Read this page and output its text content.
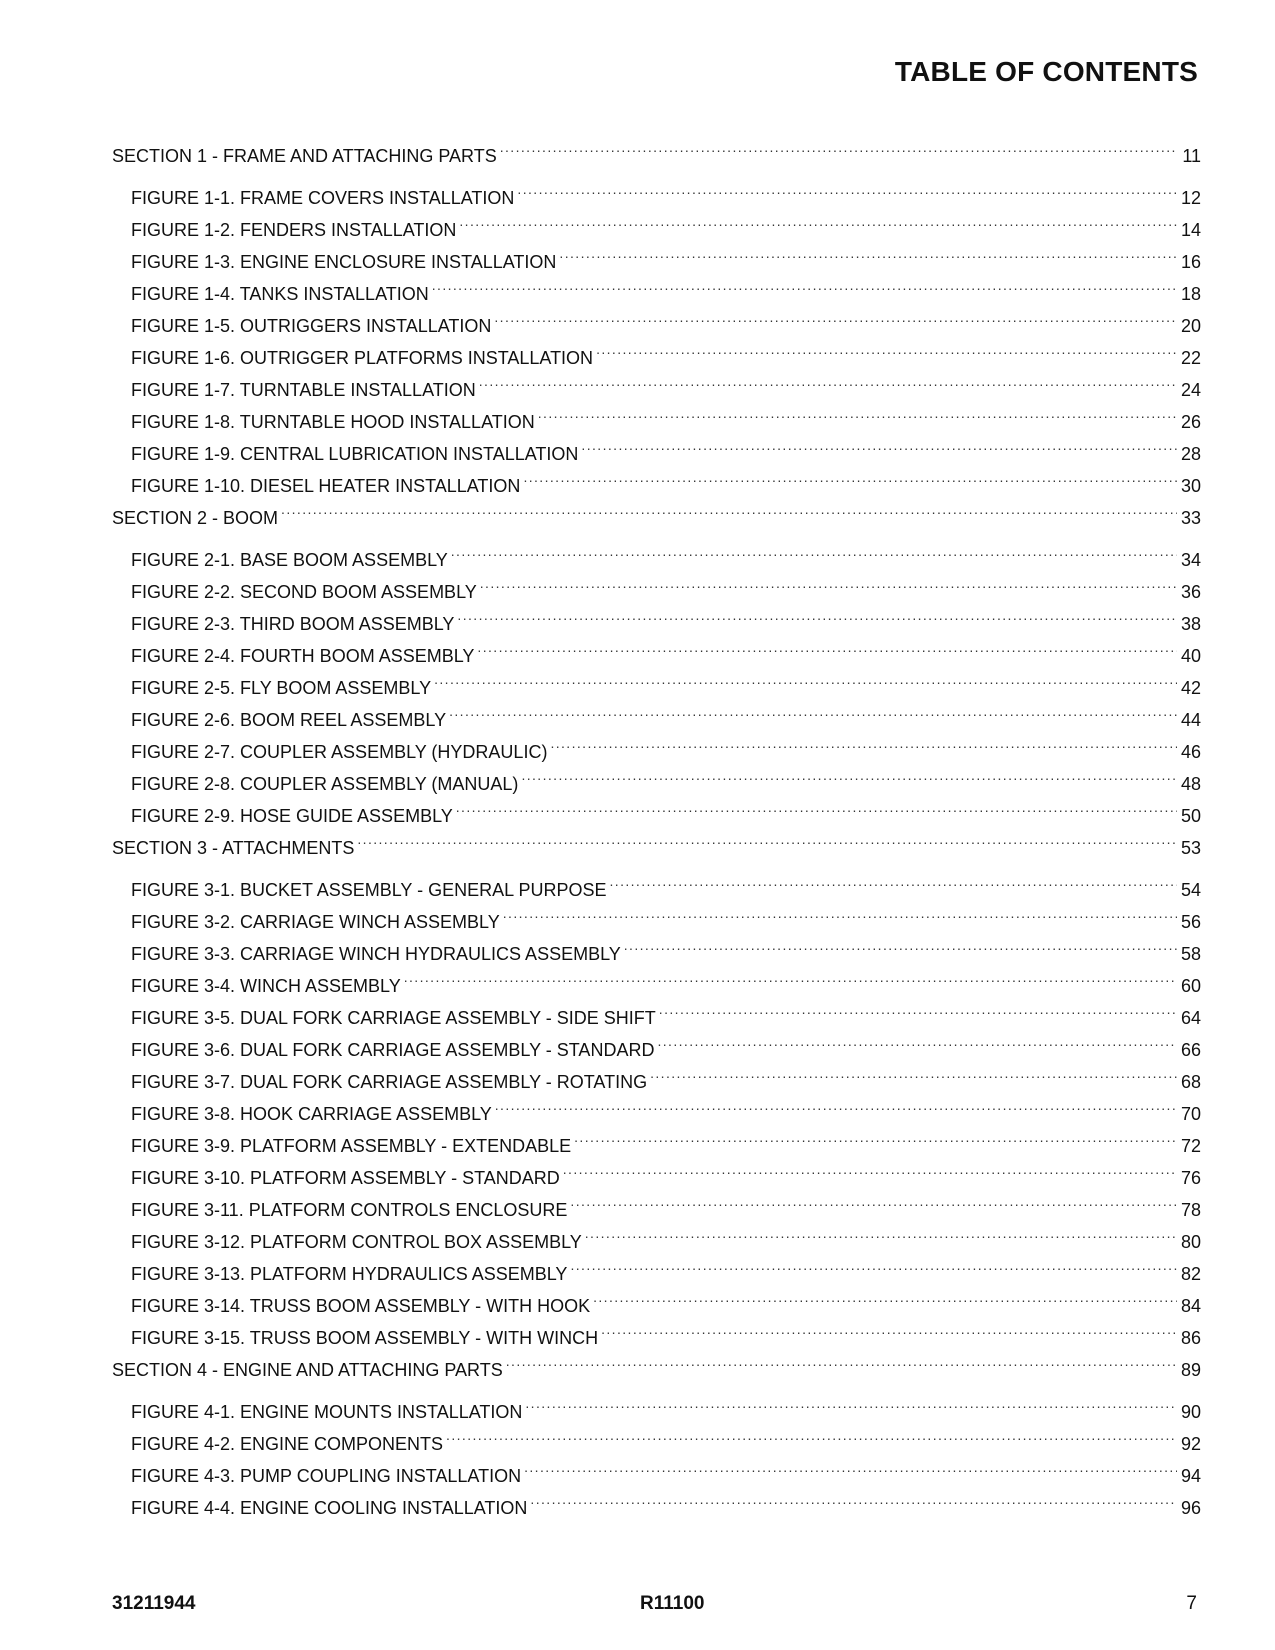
TABLE OF CONTENTS
SECTION 1 - FRAME AND ATTACHING PARTS .....	11
FIGURE 1-1. FRAME COVERS INSTALLATION .....	12
FIGURE 1-2. FENDERS INSTALLATION .....	14
FIGURE 1-3. ENGINE ENCLOSURE INSTALLATION .....	16
FIGURE 1-4. TANKS INSTALLATION .....	18
FIGURE 1-5. OUTRIGGERS INSTALLATION .....	20
FIGURE 1-6. OUTRIGGER PLATFORMS INSTALLATION .....	22
FIGURE 1-7. TURNTABLE INSTALLATION .....	24
FIGURE 1-8. TURNTABLE HOOD INSTALLATION .....	26
FIGURE 1-9. CENTRAL LUBRICATION INSTALLATION .....	28
FIGURE 1-10. DIESEL HEATER INSTALLATION .....	30
SECTION 2 - BOOM .....	33
FIGURE 2-1. BASE BOOM ASSEMBLY .....	34
FIGURE 2-2. SECOND BOOM ASSEMBLY .....	36
FIGURE 2-3. THIRD BOOM ASSEMBLY .....	38
FIGURE 2-4. FOURTH BOOM ASSEMBLY .....	40
FIGURE 2-5. FLY BOOM ASSEMBLY .....	42
FIGURE 2-6. BOOM REEL ASSEMBLY .....	44
FIGURE 2-7. COUPLER ASSEMBLY (HYDRAULIC) .....	46
FIGURE 2-8. COUPLER ASSEMBLY (MANUAL) .....	48
FIGURE 2-9. HOSE GUIDE ASSEMBLY .....	50
SECTION 3 - ATTACHMENTS .....	53
FIGURE 3-1. BUCKET ASSEMBLY - GENERAL PURPOSE .....	54
FIGURE 3-2. CARRIAGE WINCH ASSEMBLY .....	56
FIGURE 3-3. CARRIAGE WINCH HYDRAULICS ASSEMBLY .....	58
FIGURE 3-4. WINCH ASSEMBLY .....	60
FIGURE 3-5. DUAL FORK CARRIAGE ASSEMBLY - SIDE SHIFT .....	64
FIGURE 3-6. DUAL FORK CARRIAGE ASSEMBLY - STANDARD .....	66
FIGURE 3-7. DUAL FORK CARRIAGE ASSEMBLY - ROTATING .....	68
FIGURE 3-8. HOOK CARRIAGE ASSEMBLY .....	70
FIGURE 3-9. PLATFORM ASSEMBLY - EXTENDABLE .....	72
FIGURE 3-10. PLATFORM ASSEMBLY - STANDARD .....	76
FIGURE 3-11. PLATFORM CONTROLS ENCLOSURE .....	78
FIGURE 3-12. PLATFORM CONTROL BOX ASSEMBLY .....	80
FIGURE 3-13. PLATFORM HYDRAULICS ASSEMBLY .....	82
FIGURE 3-14. TRUSS BOOM ASSEMBLY - WITH HOOK .....	84
FIGURE 3-15. TRUSS BOOM ASSEMBLY - WITH WINCH .....	86
SECTION 4 - ENGINE AND ATTACHING PARTS .....	89
FIGURE 4-1. ENGINE MOUNTS INSTALLATION .....	90
FIGURE 4-2. ENGINE COMPONENTS .....	92
FIGURE 4-3. PUMP COUPLING INSTALLATION .....	94
FIGURE 4-4. ENGINE COOLING INSTALLATION .....	96
31211944	R11100	7
